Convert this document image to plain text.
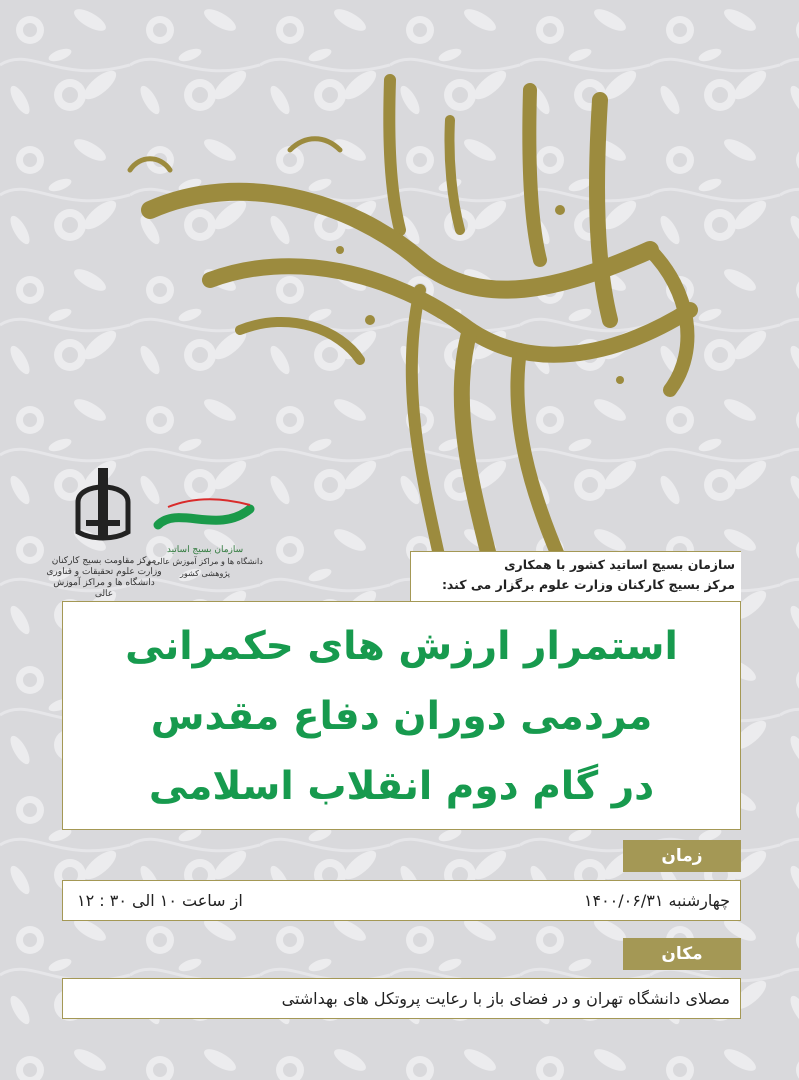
مرکز مقاومت بسیج کارکنان
وزارت علوم تحقیقات و فناوری
دانشگاه ها و مراکز آموزش عالی
سازمان بسیج اساتید
دانشگاه ها و مراکز آموزش عالی و پژوهشی کشور
سازمان بسیج اساتید کشور با همکاری
مرکز بسیج کارکنان وزارت علوم برگزار می کند:
استمرار ارزش های حکمرانی
مردمی دوران دفاع مقدس
در گام دوم انقلاب اسلامی
زمان
چهارشنبه ۱۴۰۰/۰۶/۳۱
از ساعت ۱۰ الی ۳۰ : ۱۲
مکان
مصلای دانشگاه تهران و در فضای باز با رعایت پروتکل های بهداشتی
